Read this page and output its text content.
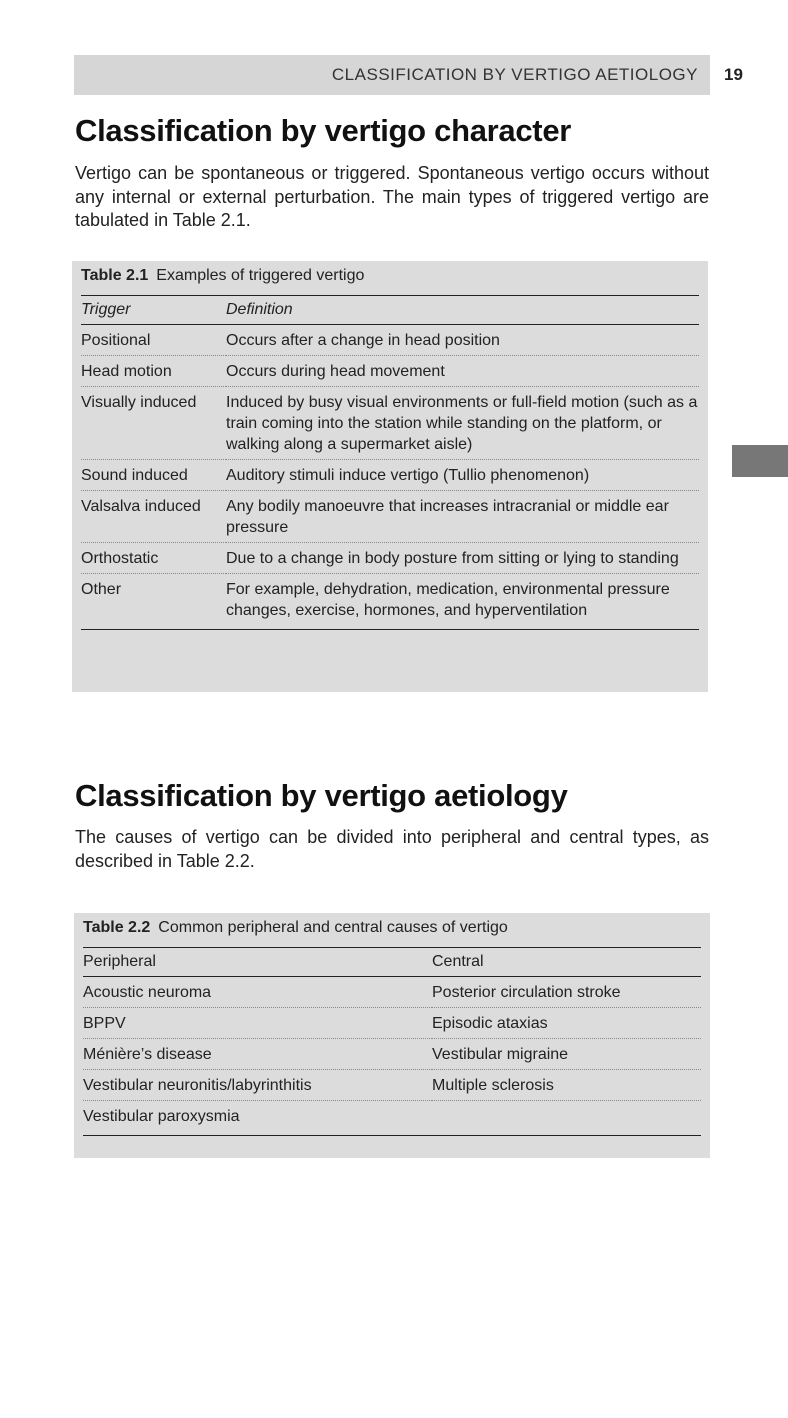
CLASSIFICATION BY VERTIGO AETIOLOGY 19
Classification by vertigo character

Vertigo can be spontaneous or triggered. Spontaneous vertigo occurs without any internal or external perturbation. The main types of triggered vertigo are tabulated in Table 2.1.

Table 2.1 Examples of triggered vertigo
Trigger	Definition
Positional	Occurs after a change in head position
Head motion	Occurs during head movement
Visually induced	Induced by busy visual environments or full-field motion (such as a train coming into the station while standing on the platform, or walking along a supermarket aisle)
Sound induced	Auditory stimuli induce vertigo (Tullio phenomenon)
Valsalva induced	Any bodily manoeuvre that increases intracranial or middle ear pressure
Orthostatic	Due to a change in body posture from sitting or lying to standing
Other	For example, dehydration, medication, environmental pressure changes, exercise, hormones, and hyperventilation
Classification by vertigo aetiology

The causes of vertigo can be divided into peripheral and central types, as described in Table 2.2.

Table 2.2 Common peripheral and central causes of vertigo
Peripheral	Central
Acoustic neuroma	Posterior circulation stroke
BPPV	Episodic ataxias
Ménière’s disease	Vestibular migraine
Vestibular neuronitis/labyrinthitis	Multiple sclerosis
Vestibular paroxysmia	
